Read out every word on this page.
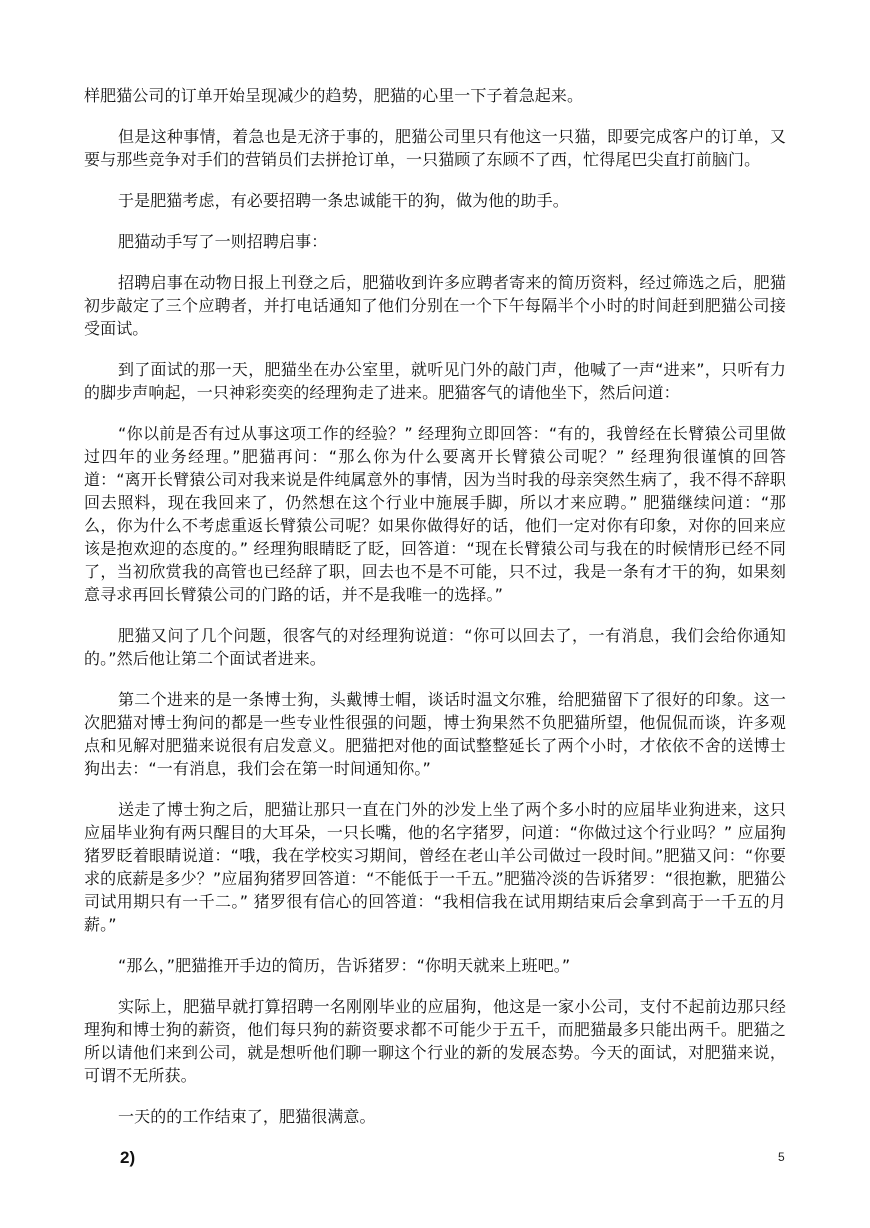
样肥猫公司的订单开始呈现减少的趋势，肥猫的心里一下子着急起来。

但是这种事情，着急也是无济于事的，肥猫公司里只有他这一只猫，即要完成客户的订单，又要与那些竞争对手们的营销员们去拼抢订单，一只猫顾了东顾不了西，忙得尾巴尖直打前脑门。

于是肥猫考虑，有必要招聘一条忠诚能干的狗，做为他的助手。

肥猫动手写了一则招聘启事：

招聘启事在动物日报上刊登之后，肥猫收到许多应聘者寄来的简历资料，经过筛选之后，肥猫初步敲定了三个应聘者，并打电话通知了他们分别在一个下午每隔半个小时的时间赶到肥猫公司接受面试。

到了面试的那一天，肥猫坐在办公室里，就听见门外的敲门声，他喊了一声“进来”，只听有力的脚步声响起，一只神彩奕奕的经理狗走了进来。肥猫客气的请他坐下，然后问道：

“你以前是否有过从事这项工作的经验？” 经理狗立即回答：“有的，我曾经在长臂猿公司里做过四年的业务经理。”肥猫再问：“那么你为什么要离开长臂猿公司呢？” 经理狗很谨慎的回答道：“离开长臂猿公司对我来说是件纯属意外的事情，因为当时我的母亲突然生病了，我不得不辞职回去照料，现在我回来了，仍然想在这个行业中施展手脚，所以才来应聘。” 肥猫继续问道：“那么，你为什么不考虑重返长臂猿公司呢？如果你做得好的话，他们一定对你有印象，对你的回来应该是抱欢迎的态度的。” 经理狗眼睛眨了眨，回答道：“现在长臂猿公司与我在的时候情形已经不同了，当初欣赏我的高管也已经辞了职，回去也不是不可能，只不过，我是一条有才干的狗，如果刻意寻求再回长臂猿公司的门路的话，并不是我唯一的选择。”

肥猫又问了几个问题，很客气的对经理狗说道：“你可以回去了，一有消息，我们会给你通知的。”然后他让第二个面试者进来。

第二个进来的是一条博士狗，头戴博士帽，谈话时温文尔雅，给肥猫留下了很好的印象。这一次肥猫对博士狗问的都是一些专业性很强的问题，博士狗果然不负肥猫所望，他侃侃而谈，许多观点和见解对肥猫来说很有启发意义。肥猫把对他的面试整整延长了两个小时，才依依不舍的送博士狗出去：“一有消息，我们会在第一时间通知你。”

送走了博士狗之后，肥猫让那只一直在门外的沙发上坐了两个多小时的应届毕业狗进来，这只应届毕业狗有两只醒目的大耳朵，一只长嘴，他的名字猪罗，问道：“你做过这个行业吗？” 应届狗猪罗眨着眼睛说道：“哦，我在学校实习期间，曾经在老山羊公司做过一段时间。”肥猫又问：“你要求的底薪是多少？”应届狗猪罗回答道：“不能低于一千五。”肥猫冷淡的告诉猪罗：“很抱歉，肥猫公司试用期只有一千二。” 猪罗很有信心的回答道：“我相信我在试用期结束后会拿到高于一千五的月薪。”

“那么，”肥猫推开手边的简历，告诉猪罗：“你明天就来上班吧。”

实际上，肥猫早就打算招聘一名刚刚毕业的应届狗，他这是一家小公司，支付不起前边那只经理狗和博士狗的薪资，他们每只狗的薪资要求都不可能少于五千，而肥猫最多只能出两千。肥猫之所以请他们来到公司，就是想听他们聊一聊这个行业的新的发展态势。今天的面试，对肥猫来说，可谓不无所获。

一天的的工作结束了，肥猫很满意。

2)	5
